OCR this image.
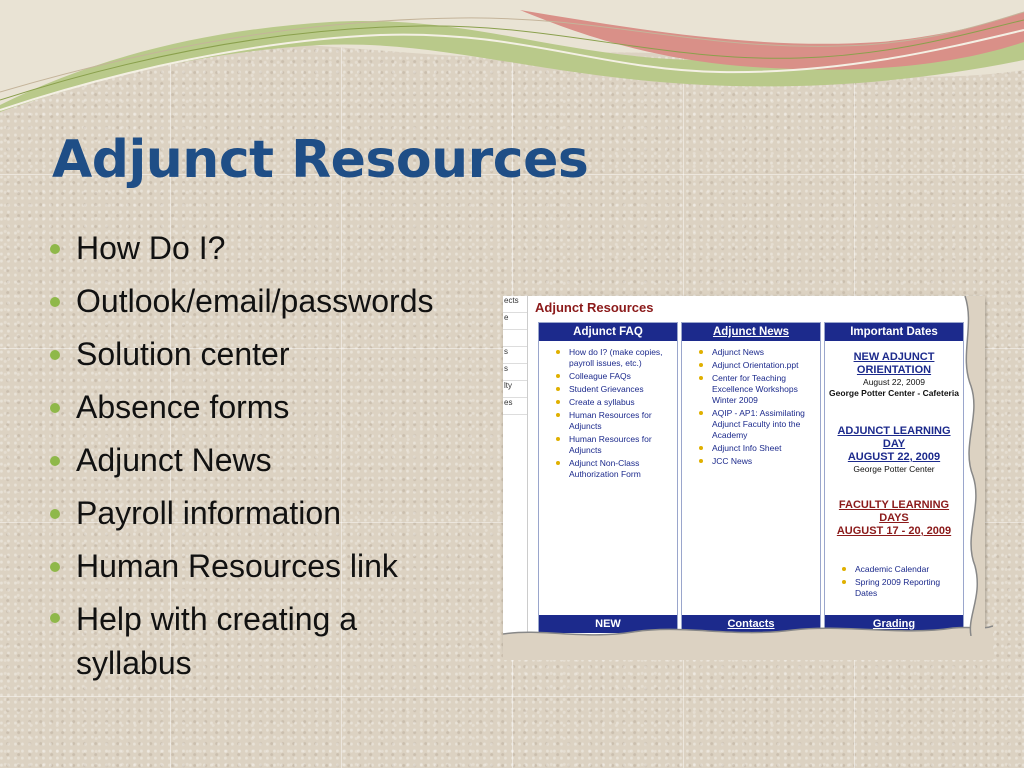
Adjunct Resources
How Do I?
Outlook/email/passwords
Solution center
Absence forms
Adjunct News
Payroll information
Human Resources link
Help with creating a syllabus
ects
e
s
s
lty
es
Adjunct Resources
Adjunct FAQ
How do I? (make copies, payroll issues, etc.)
Colleague FAQs
Student Grievances
Create a syllabus
Human Resources for Adjuncts
Human Resources for Adjuncts
Adjunct Non-Class Authorization Form
NEW
Adjunct News
Adjunct News
Adjunct Orientation.ppt
Center for Teaching Excellence Workshops Winter 2009
AQIP - AP1: Assimilating Adjunct Faculty into the Academy
Adjunct Info Sheet
JCC News
Contacts
Important Dates
NEW ADJUNCT ORIENTATION
August 22, 2009
George Potter Center - Cafeteria
ADJUNCT LEARNING DAY
AUGUST 22, 2009
George Potter Center
FACULTY LEARNING DAYS
AUGUST 17 - 20, 2009
Academic Calendar
Spring 2009 Reporting Dates
Grading
